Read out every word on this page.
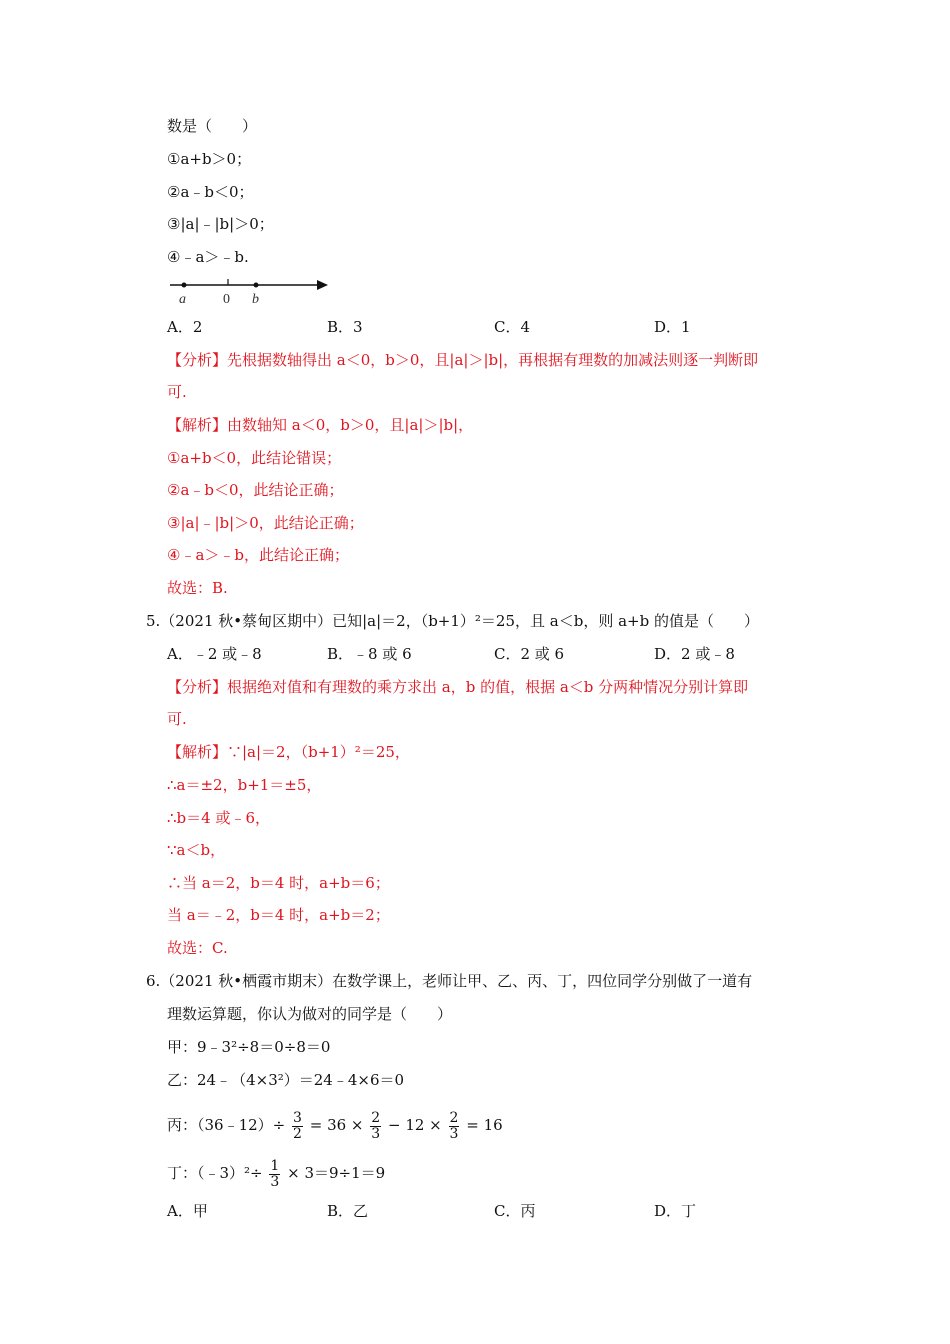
数是（　　）
①a+b＞0；
②a﹣b＜0；
③|a|﹣|b|＞0；
④﹣a＞﹣b.
a	0 b
A．2	B．3	C．4	D．1
【分析】先根据数轴得出 a＜0，b＞0，且|a|＞|b|，再根据有理数的加减法则逐一判断即
可.
【解析】由数轴知 a＜0，b＞0，且|a|＞|b|，
①a+b＜0，此结论错误；
②a﹣b＜0，此结论正确；
③|a|﹣|b|＞0，此结论正确；
④﹣a＞﹣b，此结论正确；
故选：B.
5.（2021 秋•蔡甸区期中）已知|a|＝2，（b+1）²＝25，且 a＜b，则 a+b 的值是（　　）
A．﹣2 或﹣8	B．﹣8 或 6	C．2 或 6	D．2 或﹣8
【分析】根据绝对值和有理数的乘方求出 a，b 的值，根据 a＜b 分两种情况分别计算即
可.
【解析】∵|a|＝2，（b+1）²＝25，
∴a＝±2，b+1＝±5，
∴b＝4 或﹣6，
∵a＜b，
∴当 a＝2，b＝4 时，a+b＝6；
当 a＝﹣2，b＝4 时，a+b＝2；
故选：C.
6.（2021 秋•栖霞市期末）在数学课上，老师让甲、乙、丙、丁，四位同学分别做了一道有
理数运算题，你认为做对的同学是（　　）
甲：9﹣3²÷8＝0÷8＝0
乙：24﹣（4×3²）＝24﹣4×6＝0
丙：（36﹣12）÷ $\frac{3}{2} = 36 \times \frac{2}{3} - 12 \times \frac{2}{3} = 16$
丁：（﹣3）²÷ $\frac{1}{3} \times 3=9\div 1=9$
A．甲	B．乙	C．丙	D．丁
